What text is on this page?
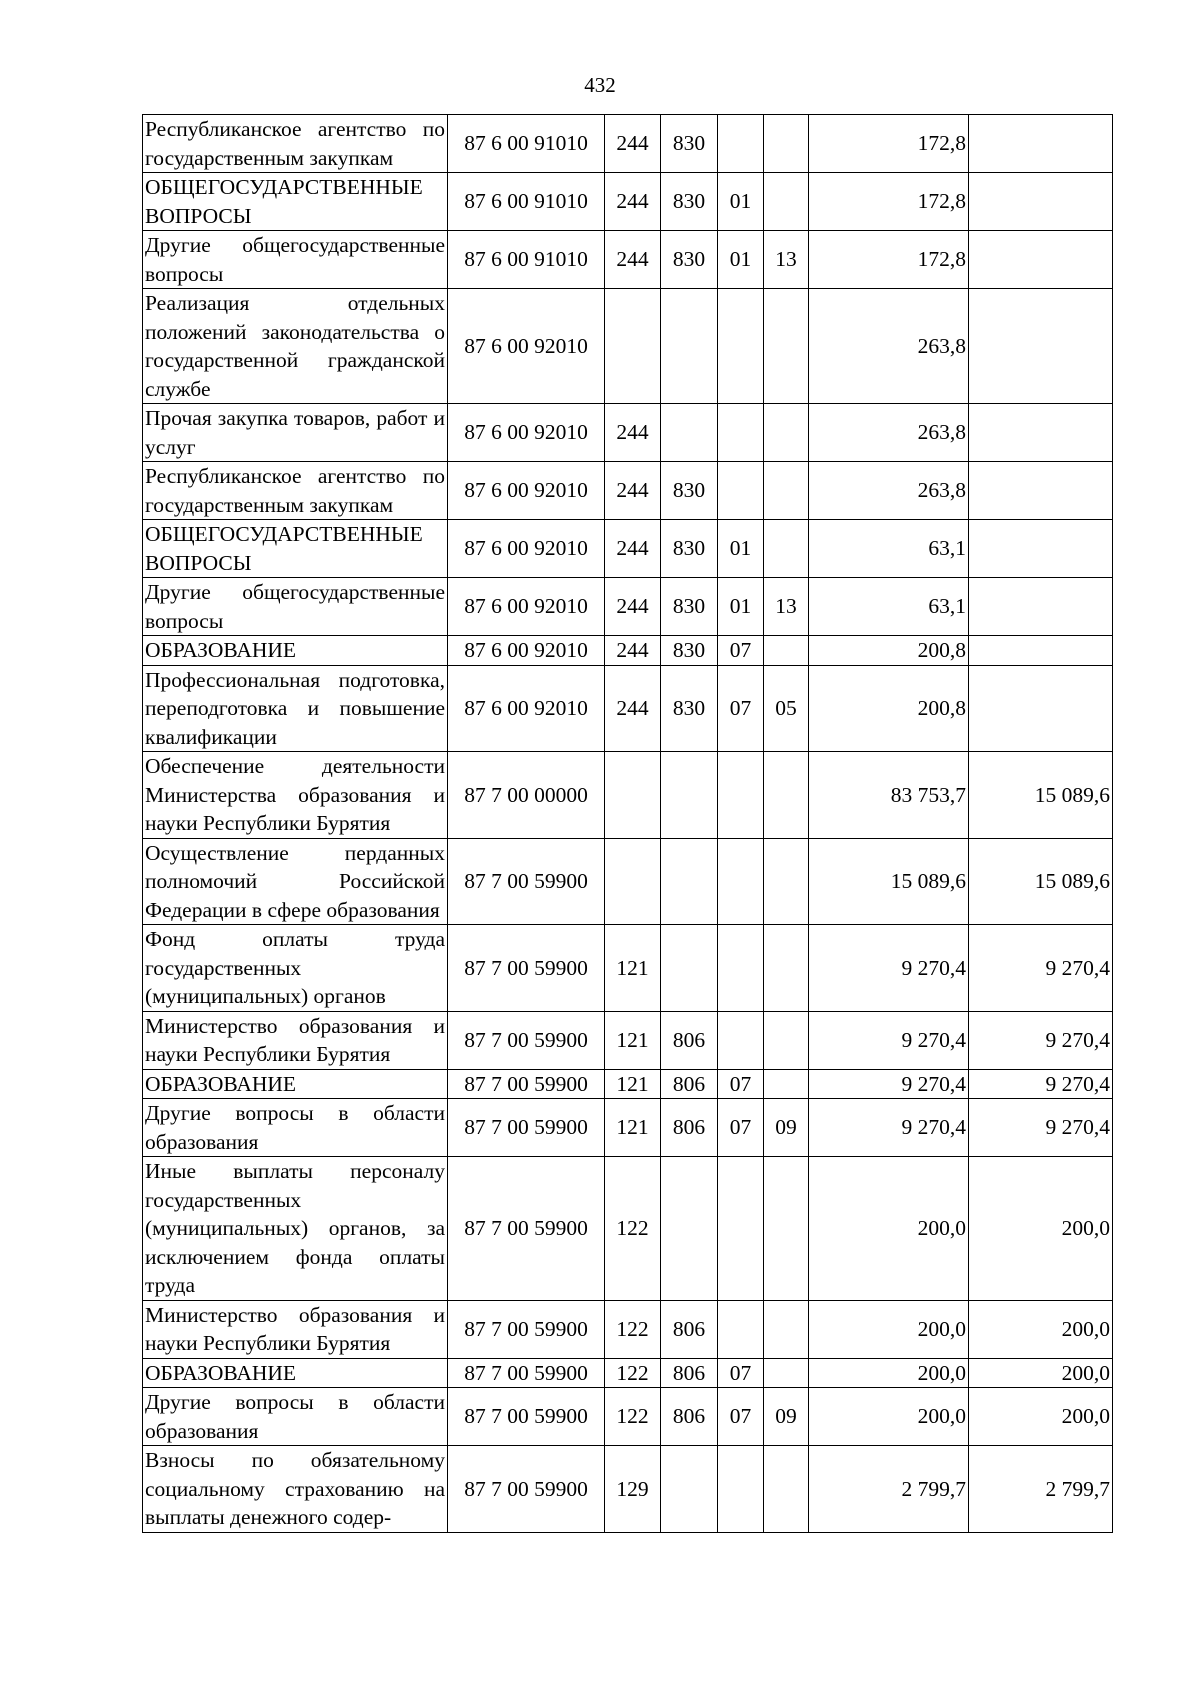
432
Республиканское агентство по государственным закупкам	87 6 00 91010	244	830			172,8	
ОБЩЕГОСУДАРСТВЕННЫЕ ВОПРОСЫ	87 6 00 91010	244	830	01		172,8	
Другие общегосударственные вопросы	87 6 00 91010	244	830	01	13	172,8	
Реализация отдельных положений законодательства о государственной гражданской службе	87 6 00 92010					263,8	
Прочая закупка товаров, работ и услуг	87 6 00 92010	244				263,8	
Республиканское агентство по государственным закупкам	87 6 00 92010	244	830			263,8	
ОБЩЕГОСУДАРСТВЕННЫЕ ВОПРОСЫ	87 6 00 92010	244	830	01		63,1	
Другие общегосударственные вопросы	87 6 00 92010	244	830	01	13	63,1	
ОБРАЗОВАНИЕ	87 6 00 92010	244	830	07		200,8	
Профессиональная подготовка, переподготовка и повышение квалификации	87 6 00 92010	244	830	07	05	200,8	
Обеспечение деятельности Министерства образования и науки Республики Бурятия	87 7 00 00000					83 753,7	15 089,6
Осуществление перданных полномочий Российской Федерации в сфере образования	87 7 00 59900					15 089,6	15 089,6
Фонд оплаты труда государственных (муниципальных) органов	87 7 00 59900	121				9 270,4	9 270,4
Министерство образования и науки Республики Бурятия	87 7 00 59900	121	806			9 270,4	9 270,4
ОБРАЗОВАНИЕ	87 7 00 59900	121	806	07		9 270,4	9 270,4
Другие вопросы в области образования	87 7 00 59900	121	806	07	09	9 270,4	9 270,4
Иные выплаты персоналу государственных (муниципальных) органов, за исключением фонда оплаты труда	87 7 00 59900	122				200,0	200,0
Министерство образования и науки Республики Бурятия	87 7 00 59900	122	806			200,0	200,0
ОБРАЗОВАНИЕ	87 7 00 59900	122	806	07		200,0	200,0
Другие вопросы в области образования	87 7 00 59900	122	806	07	09	200,0	200,0
Взносы по обязательному социальному страхованию на выплаты денежного содер-	87 7 00 59900	129				2 799,7	2 799,7
